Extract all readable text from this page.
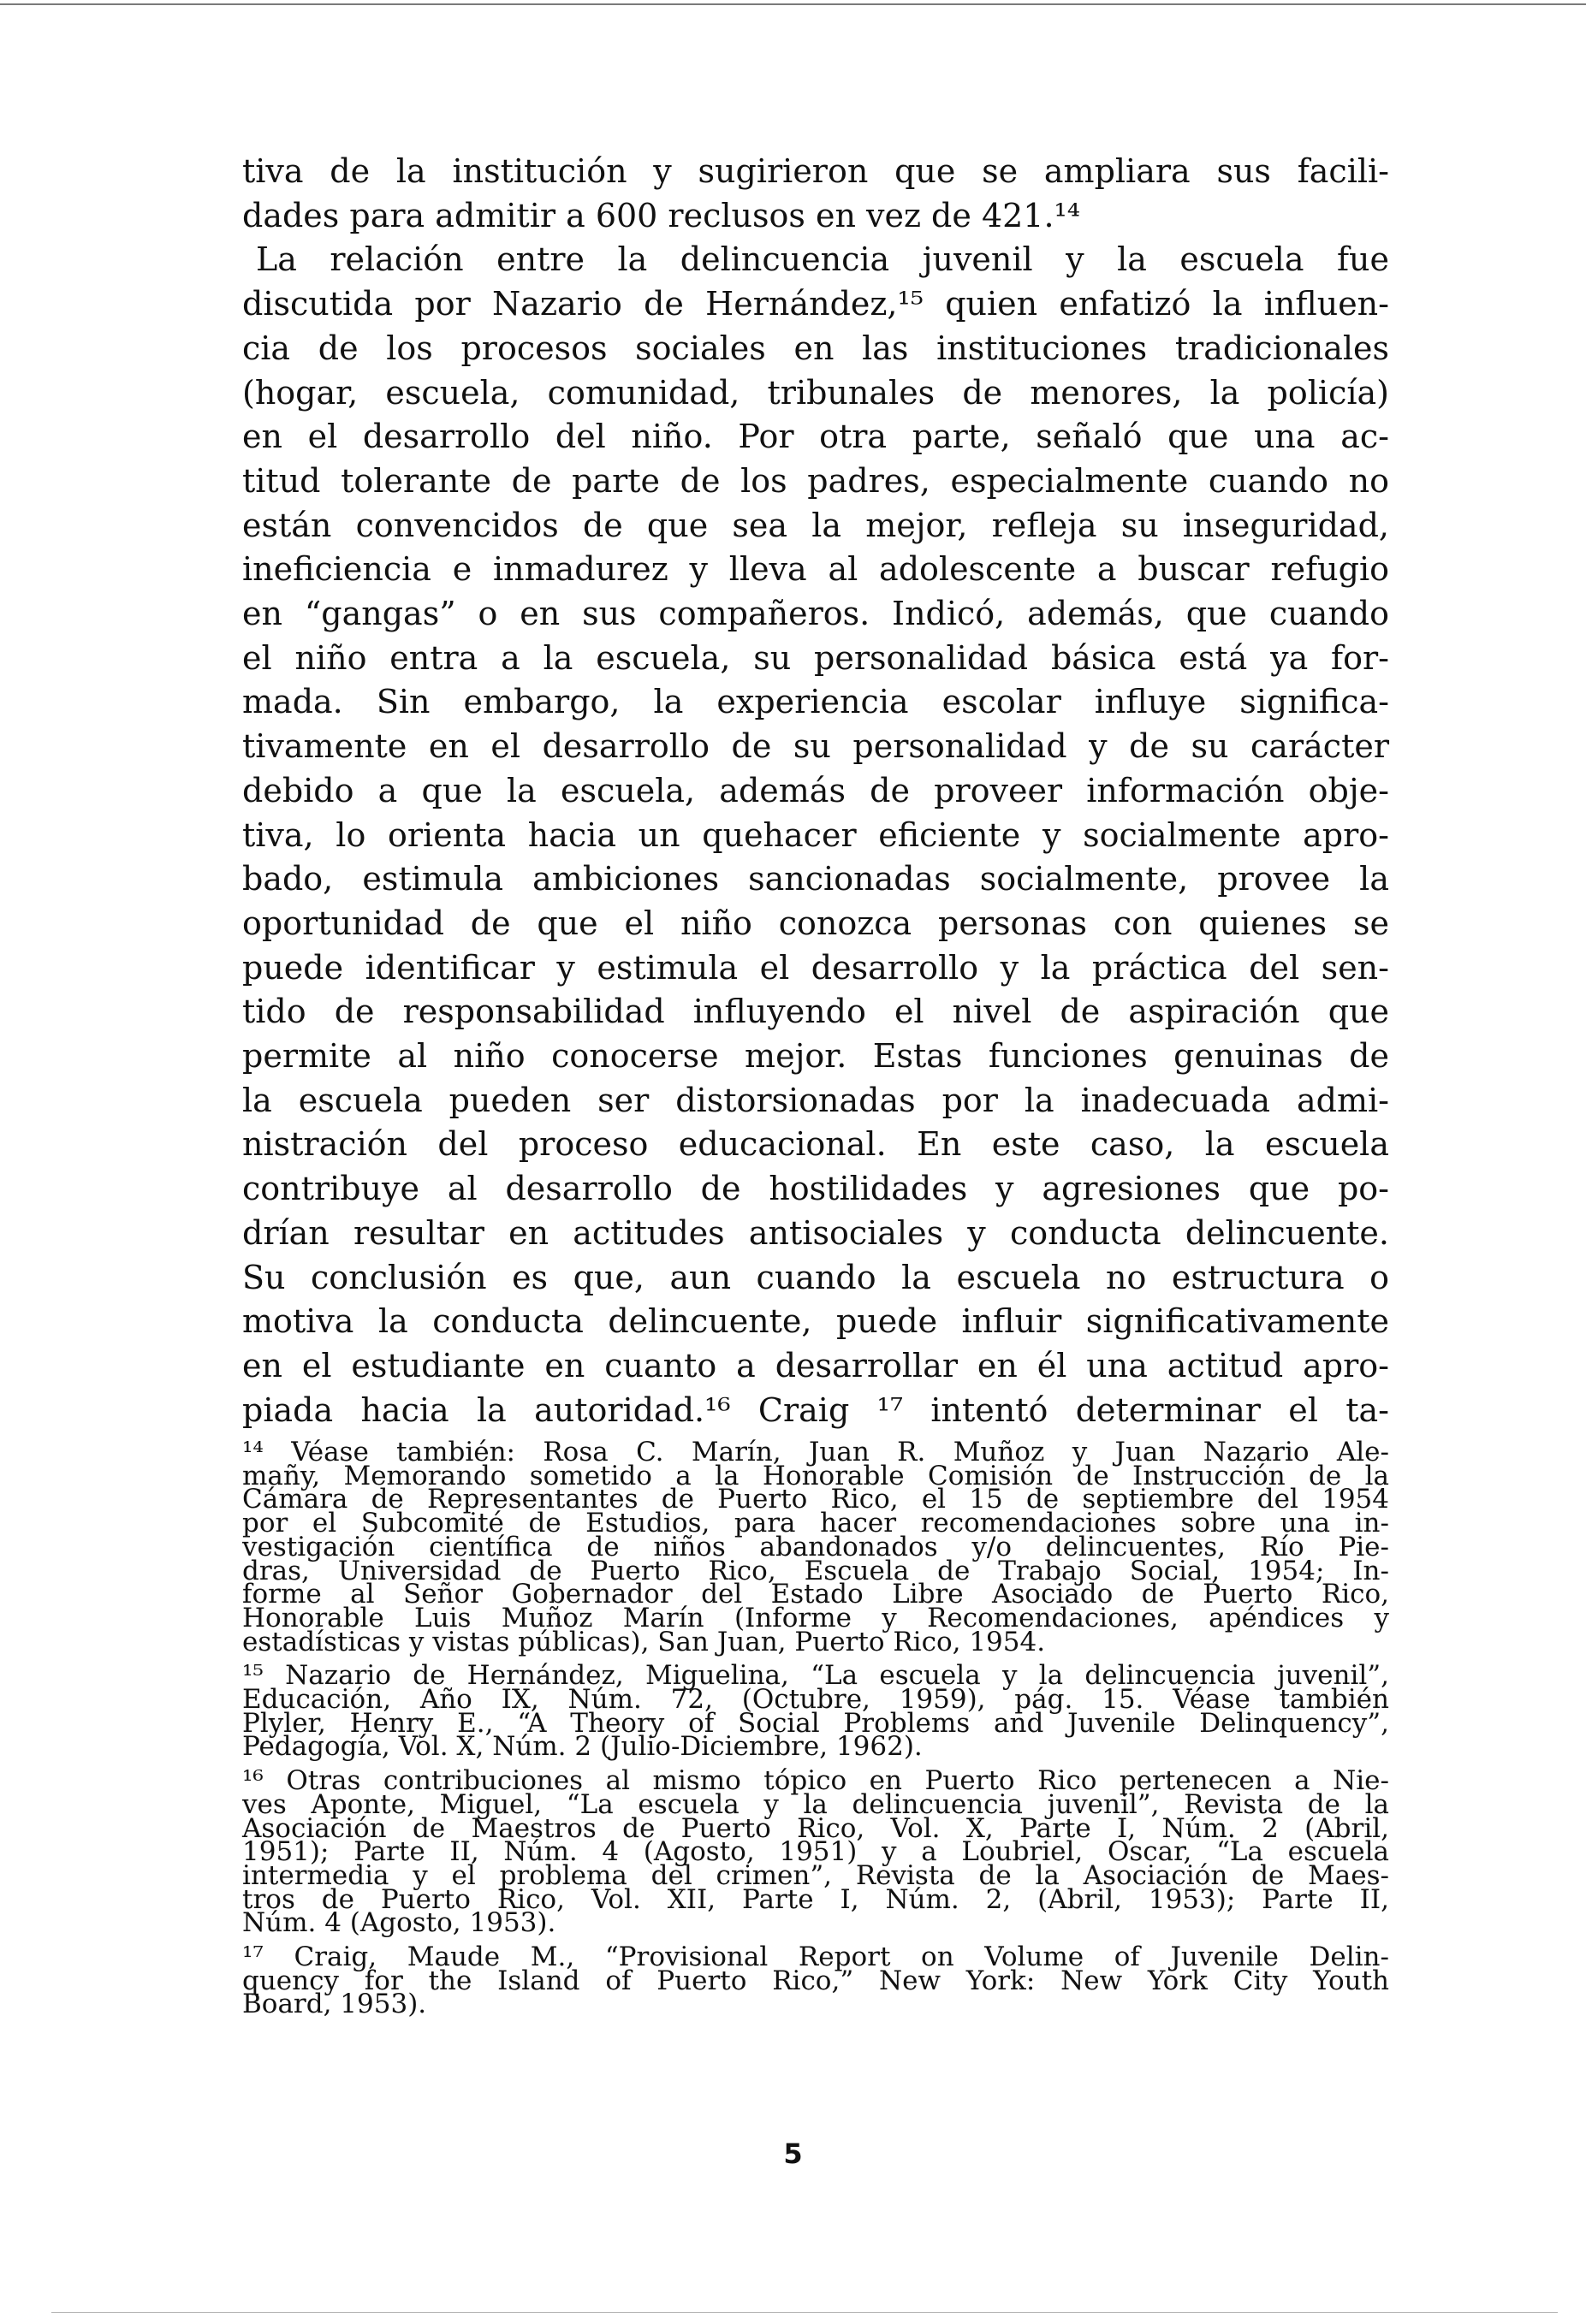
tiva de la institución y sugirieron que se ampliara sus facili-
dades para admitir a 600 reclusos en vez de 421.¹⁴
La relación entre la delincuencia juvenil y la escuela fue
discutida por Nazario de Hernández,¹⁵ quien enfatizó la influen-
cia de los procesos sociales en las instituciones tradicionales
(hogar, escuela, comunidad, tribunales de menores, la policía)
en el desarrollo del niño. Por otra parte, señaló que una ac-
titud tolerante de parte de los padres, especialmente cuando no
están convencidos de que sea la mejor, refleja su inseguridad,
ineficiencia e inmadurez y lleva al adolescente a buscar refugio
en “gangas” o en sus compañeros. Indicó, además, que cuando
el niño entra a la escuela, su personalidad básica está ya for-
mada. Sin embargo, la experiencia escolar influye significa-
tivamente en el desarrollo de su personalidad y de su carácter
debido a que la escuela, además de proveer información obje-
tiva, lo orienta hacia un quehacer eficiente y socialmente apro-
bado, estimula ambiciones sancionadas socialmente, provee la
oportunidad de que el niño conozca personas con quienes se
puede identificar y estimula el desarrollo y la práctica del sen-
tido de responsabilidad influyendo el nivel de aspiración que
permite al niño conocerse mejor. Estas funciones genuinas de
la escuela pueden ser distorsionadas por la inadecuada admi-
nistración del proceso educacional. En este caso, la escuela
contribuye al desarrollo de hostilidades y agresiones que po-
drían resultar en actitudes antisociales y conducta delincuente.
Su conclusión es que, aun cuando la escuela no estructura o
motiva la conducta delincuente, puede influir significativamente
en el estudiante en cuanto a desarrollar en él una actitud apro-
piada hacia la autoridad.¹⁶ Craig ¹⁷ intentó determinar el ta-
¹⁴ Véase también: Rosa C. Marín, Juan R. Muñoz y Juan Nazario Ale-
mañy, Memorando sometido a la Honorable Comisión de Instrucción de la
Cámara de Representantes de Puerto Rico, el 15 de septiembre del 1954
por el Subcomité de Estudios, para hacer recomendaciones sobre una in-
vestigación científica de niños abandonados y/o delincuentes, Río Pie-
dras, Universidad de Puerto Rico, Escuela de Trabajo Social, 1954; In-
forme al Señor Gobernador del Estado Libre Asociado de Puerto Rico,
Honorable Luis Muñoz Marín (Informe y Recomendaciones, apéndices y
estadísticas y vistas públicas), San Juan, Puerto Rico, 1954.
¹⁵ Nazario de Hernández, Miguelina, “La escuela y la delincuencia juvenil”,
Educación, Año IX, Núm. 72, (Octubre, 1959), pág. 15. Véase también
Plyler, Henry E., “A Theory of Social Problems and Juvenile Delinquency”,
Pedagogía, Vol. X, Núm. 2 (Julio-Diciembre, 1962).
¹⁶ Otras contribuciones al mismo tópico en Puerto Rico pertenecen a Nie-
ves Aponte, Miguel, “La escuela y la delincuencia juvenil”, Revista de la
Asociación de Maestros de Puerto Rico, Vol. X, Parte I, Núm. 2 (Abril,
1951); Parte II, Núm. 4 (Agosto, 1951) y a Loubriel, Oscar, “La escuela
intermedia y el problema del crimen”, Revista de la Asociación de Maes-
tros de Puerto Rico, Vol. XII, Parte I, Núm. 2, (Abril, 1953); Parte II,
Núm. 4 (Agosto, 1953).
¹⁷ Craig, Maude M., “Provisional Report on Volume of Juvenile Delin-
quency for the Island of Puerto Rico,” New York: New York City Youth
Board, 1953).
5
